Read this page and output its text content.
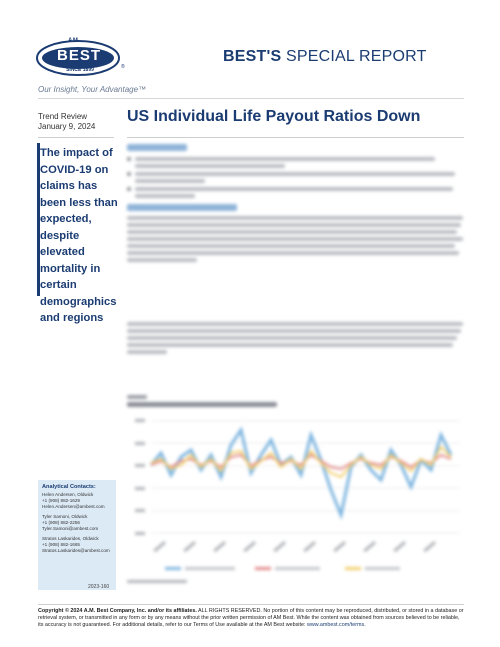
AM
BEST
SINCE 1899	®
BEST'S SPECIAL REPORT
Our Insight, Your Advantage™
Trend Review
January 9, 2024
US Individual Life Payout Ratios Down
The impact of COVID-19 on claims has been less than expected, despite elevated mortality in certain demographics and regions
Analytical Contacts:
Helen Andersen, Oldwick
+1 (908) 882-1629
Helen.Andersen@ambest.com
Tyler Samoni, Oldwick
+1 (908) 882-2256
Tyler.Samoni@ambest.com
Stratos Laskarides, Oldwick
+1 (908) 882-1665
Stratos.Laskarides@ambest.com
2023-160
Copyright © 2024 A.M. Best Company, Inc. and/or its affiliates. ALL RIGHTS RESERVED. No portion of this content may be reproduced, distributed, or stored in a database or retrieval system, or transmitted in any form or by any means without the prior written permission of AM Best. While the content was obtained from sources believed to be reliable, its accuracy is not guaranteed. For additional details, refer to our Terms of Use available at the AM Best website: www.ambest.com/terms.
